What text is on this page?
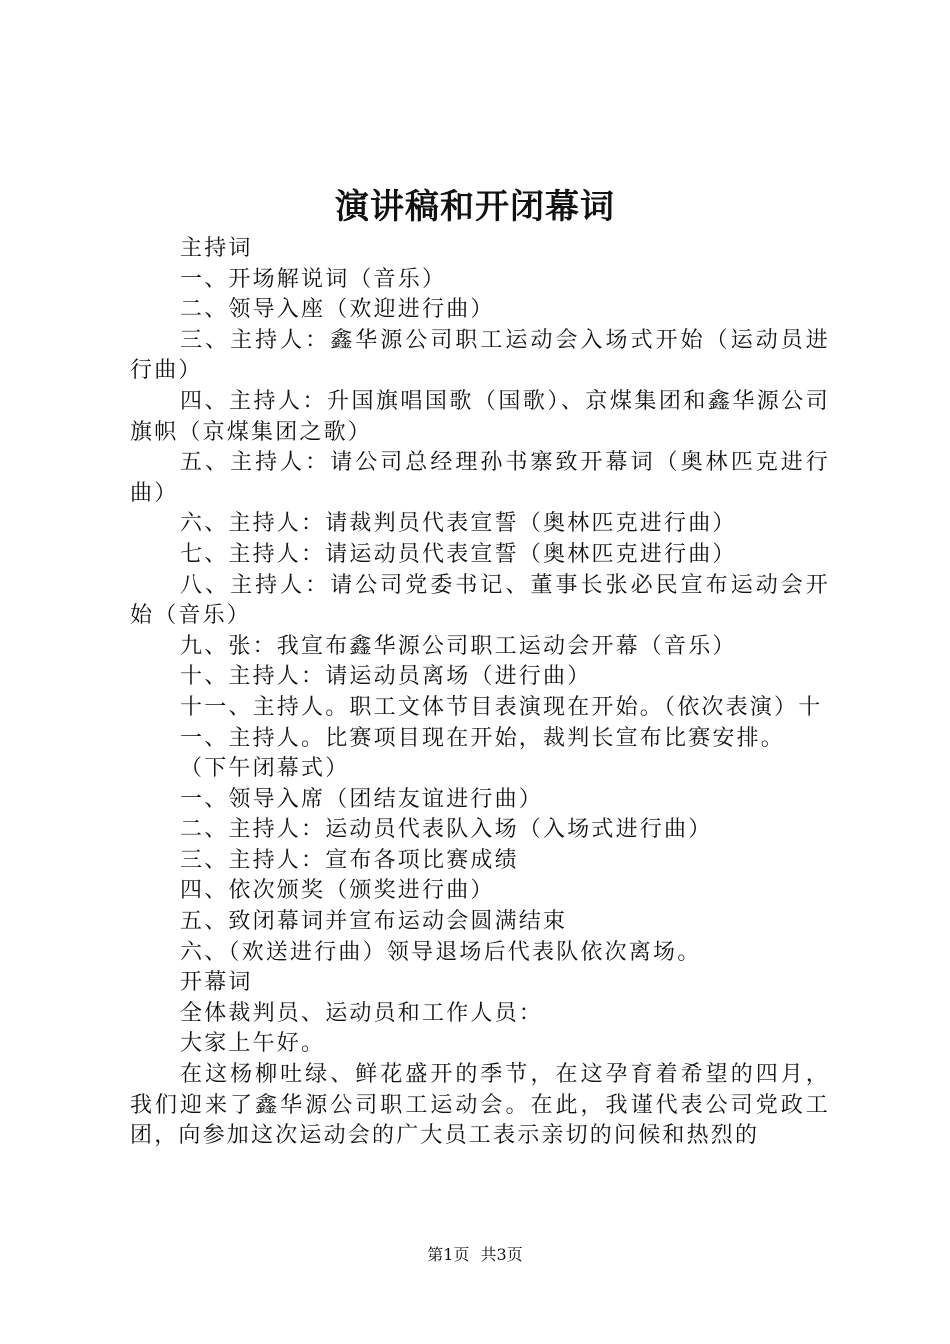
演讲稿和开闭幕词

主持词

一、开场解说词（音乐）

二、领导入座（欢迎进行曲）

三、主持人：鑫华源公司职工运动会入场式开始（运动员进行曲）

四、主持人：升国旗唱国歌（国歌）、京煤集团和鑫华源公司旗帜（京煤集团之歌）

五、主持人：请公司总经理孙书寨致开幕词（奥林匹克进行曲）

六、主持人：请裁判员代表宣誓（奥林匹克进行曲）

七、主持人：请运动员代表宣誓（奥林匹克进行曲）

八、主持人：请公司党委书记、董事长张必民宣布运动会开始（音乐）

九、张：我宣布鑫华源公司职工运动会开幕（音乐）

十、主持人：请运动员离场（进行曲）

十一、主持人。职工文体节目表演现在开始。（依次表演）十

一、主持人。比赛项目现在开始，裁判长宣布比赛安排。

（下午闭幕式）

一、领导入席（团结友谊进行曲）

二、主持人：运动员代表队入场（入场式进行曲）

三、主持人：宣布各项比赛成绩

四、依次颁奖（颁奖进行曲）

五、致闭幕词并宣布运动会圆满结束

六、（欢送进行曲）领导退场后代表队依次离场。

开幕词

全体裁判员、运动员和工作人员：

大家上午好。

在这杨柳吐绿、鲜花盛开的季节，在这孕育着希望的四月，我们迎来了鑫华源公司职工运动会。在此，我谨代表公司党政工团，向参加这次运动会的广大员工表示亲切的问候和热烈的

第1页 共3页
